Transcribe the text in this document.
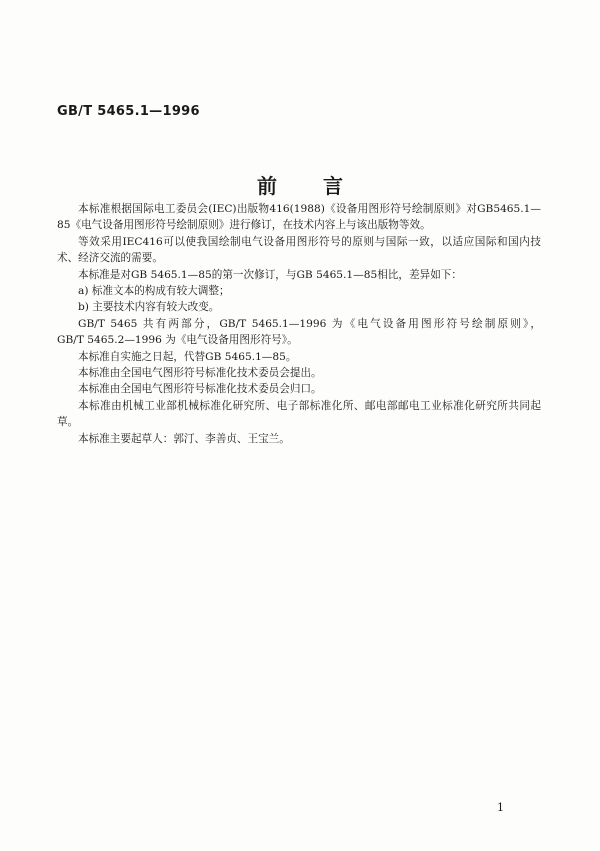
GB/T 5465.1—1996
前 言

本标准根据国际电工委员会(IEC)出版物416(1988)《设备用图形符号绘制原则》对GB5465.1—85《电气设备用图形符号绘制原则》进行修订，在技术内容上与该出版物等效。

等效采用IEC416可以使我国绘制电气设备用图形符号的原则与国际一致，以适应国际和国内技术、经济交流的需要。

本标准是对GB 5465.1—85的第一次修订，与GB 5465.1—85相比，差异如下：

a) 标准文本的构成有较大调整；

b) 主要技术内容有较大改变。

GB/T 5465 共有两部分，GB/T 5465.1—1996 为《电气设备用图形符号绘制原则》，

GB/T 5465.2—1996 为《电气设备用图形符号》。

本标准自实施之日起，代替GB 5465.1—85。

本标准由全国电气图形符号标准化技术委员会提出。

本标准由全国电气图形符号标准化技术委员会归口。

本标准由机械工业部机械标准化研究所、电子部标准化所、邮电部邮电工业标准化研究所共同起草。

本标准主要起草人：郭汀、李善贞、王宝兰。

1
